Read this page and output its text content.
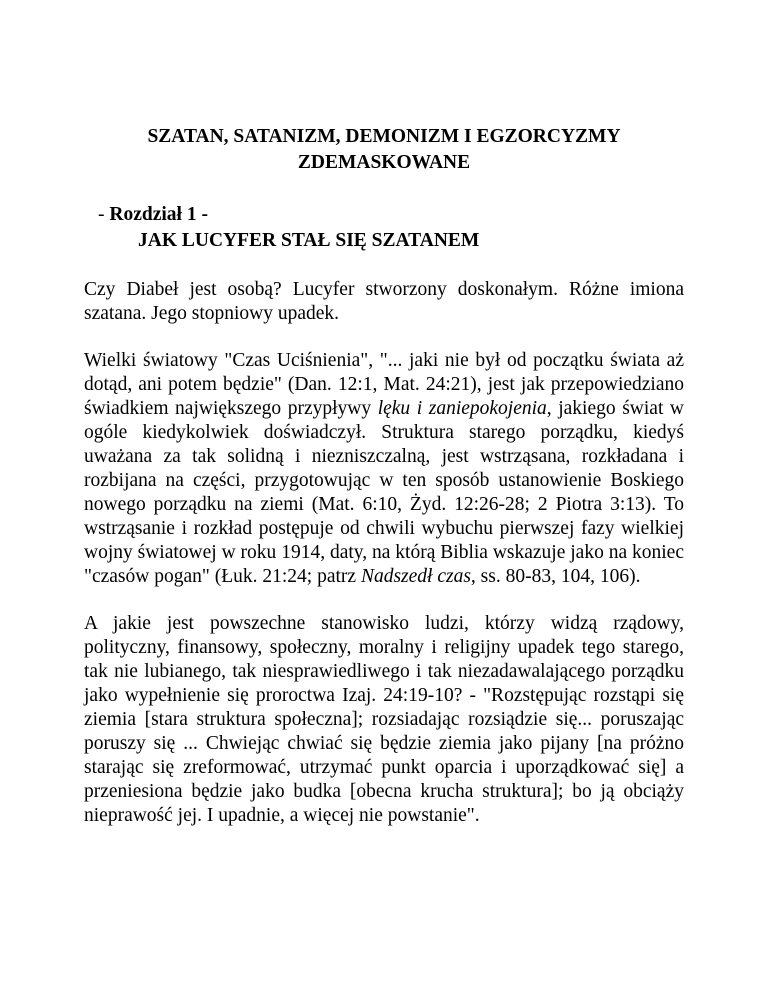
SZATAN, SATANIZM, DEMONIZM I EGZORCYZMY
ZDEMASKOWANE
- Rozdział 1 -
JAK LUCYFER STAŁ SIĘ SZATANEM

Czy Diabeł jest osobą? Lucyfer stworzony doskonałym. Różne imiona szatana. Jego stopniowy upadek.

Wielki światowy "Czas Uciśnienia", "... jaki nie był od początku świata aż dotąd, ani potem będzie" (Dan. 12:1, Mat. 24:21), jest jak przepowiedziano świadkiem największego przypływy lęku i zaniepokojenia, jakiego świat w ogóle kiedykolwiek doświadczył. Struktura starego porządku, kiedyś uważana za tak solidną i niezniszczalną, jest wstrząsana, rozkładana i rozbijana na części, przygotowując w ten sposób ustanowienie Boskiego nowego porządku na ziemi (Mat. 6:10, Żyd. 12:26-28; 2 Piotra 3:13). To wstrząsanie i rozkład postępuje od chwili wybuchu pierwszej fazy wielkiej wojny światowej w roku 1914, daty, na którą Biblia wskazuje jako na koniec "czasów pogan" (Łuk. 21:24; patrz Nadszedł czas, ss. 80-83, 104, 106).

A jakie jest powszechne stanowisko ludzi, którzy widzą rządowy, polityczny, finansowy, społeczny, moralny i religijny upadek tego starego, tak nie lubianego, tak niesprawiedliwego i tak niezadawalającego porządku jako wypełnienie się proroctwa Izaj. 24:19-10? - "Rozstępując rozstąpi się ziemia [stara struktura społeczna]; rozsiadając rozsiądzie się... poruszając poruszy się ... Chwiejąc chwiać się będzie ziemia jako pijany [na próżno starając się zreformować, utrzymać punkt oparcia i uporządkować się] a przeniesiona będzie jako budka [obecna krucha struktura]; bo ją obciąży nieprawość jej. I upadnie, a więcej nie powstanie".
